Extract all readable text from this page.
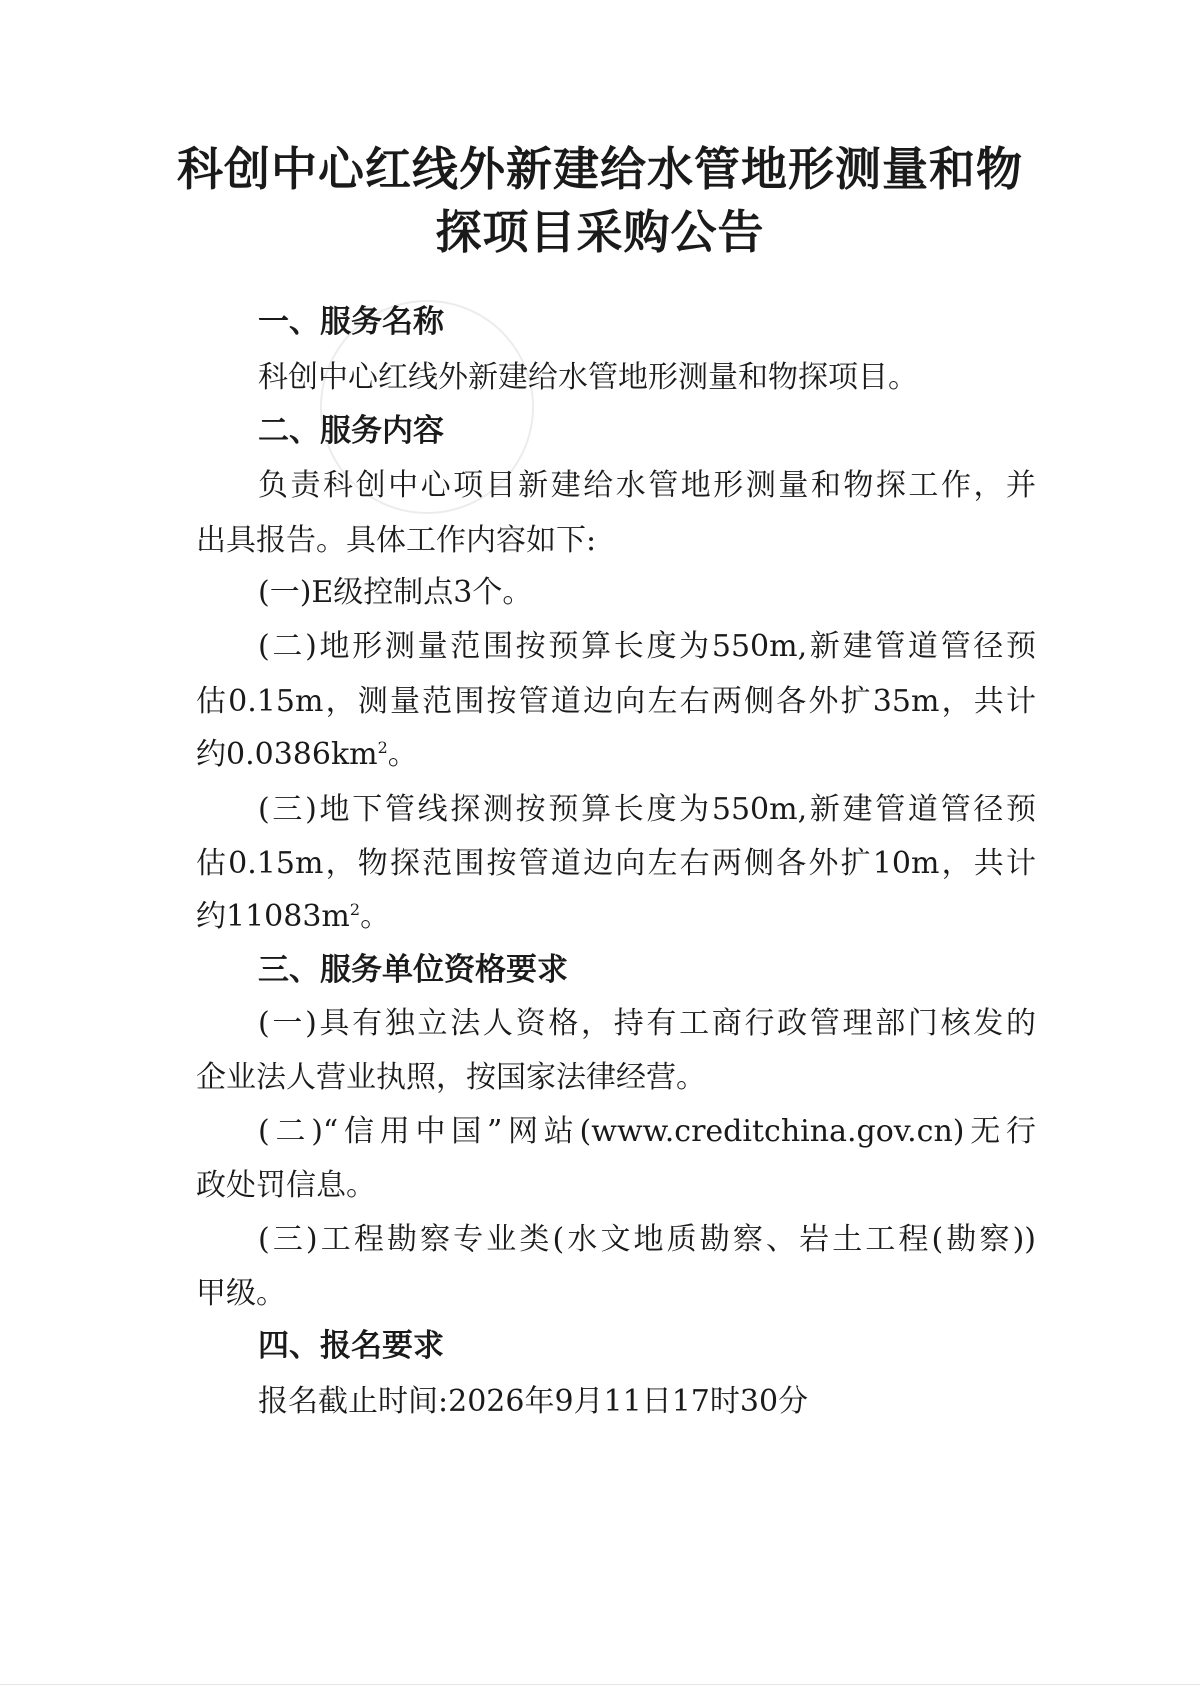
科创中心红线外新建给水管地形测量和物
探项目采购公告
一、服务名称
科创中心红线外新建给水管地形测量和物探项目。
二、服务内容
负责科创中心项目新建给水管地形测量和物探工作，并
出具报告。具体工作内容如下:
(一)E级控制点3个。
(二)地形测量范围按预算长度为550m,新建管道管径预
估0.15m，测量范围按管道边向左右两侧各外扩35m，共计
约$0.0386km^2$。
(三)地下管线探测按预算长度为550m,新建管道管径预
估0.15m，物探范围按管道边向左右两侧各外扩10m，共计
约$11083m^2$。
三、服务单位资格要求
(一)具有独立法人资格，持有工商行政管理部门核发的
企业法人营业执照，按国家法律经营。
(二)“信用中国”网站(www.creditchina.gov.cn)无行
政处罚信息。
(三)工程勘察专业类(水文地质勘察、岩土工程(勘察))
甲级。
四、报名要求
报名截止时间:2026年9月11日17时30分
